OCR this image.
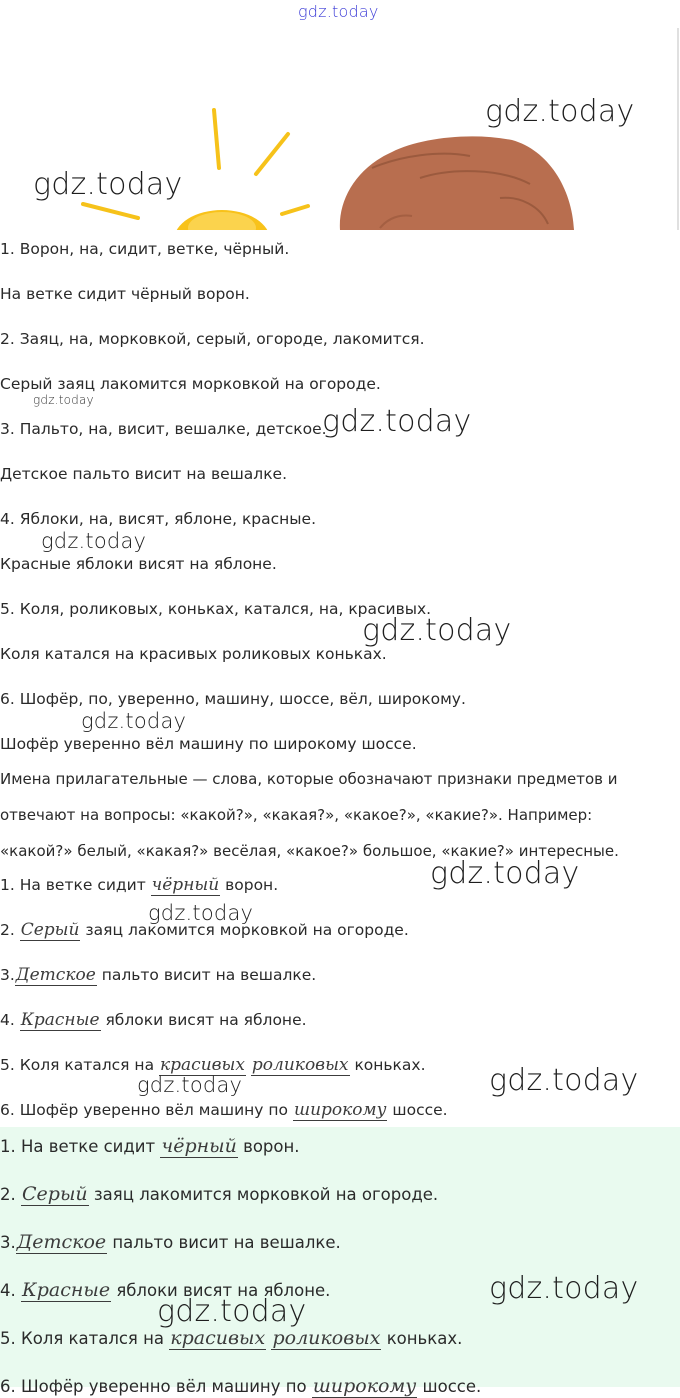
gdz.today
gdz.today
gdz.today
1. Ворон, на, сидит, ветке, чёрный.
На ветке сидит чёрный ворон.
2. Заяц, на, морковкой, серый, огороде, лакомится.
Серый заяц лакомится морковкой на огороде.
3. Пальто, на, висит, вешалке, детское.
Детское пальто висит на вешалке.
4. Яблоки, на, висят, яблоне, красные.
Красные яблоки висят на яблоне.
5. Коля, роликовых, коньках, катался, на, красивых.
Коля катался на красивых роликовых коньках.
6. Шофёр, по, уверенно, машину, шоссе, вёл, широкому.
Шофёр уверенно вёл машину по широкому шоссе.
gdz.today
gdz.today
gdz.today
gdz.today
gdz.today
Имена прилагательные — слова, которые обозначают признаки предметов и
отвечают на вопросы: «какой?», «какая?», «какое?», «какие?». Например:
«какой?» белый, «какая?» весёлая, «какое?» большое, «какие?» интересные.
gdz.today
1. На ветке сидит чёрный ворон.
2. Серый заяц лакомится морковкой на огороде.
3.Детское пальто висит на вешалке.
4. Красные яблоки висят на яблоне.
5. Коля катался на красивых роликовых коньках.
6. Шофёр уверенно вёл машину по широкому шоссе.
gdz.today
gdz.today	gdz.today
1. На ветке сидит чёрный ворон.
2. Серый заяц лакомится морковкой на огороде.
3.Детское пальто висит на вешалке.
4. Красные яблоки висят на яблоне.
5. Коля катался на красивых роликовых коньках.
6. Шофёр уверенно вёл машину по широкому шоссе.
gdz.today
gdz.today
